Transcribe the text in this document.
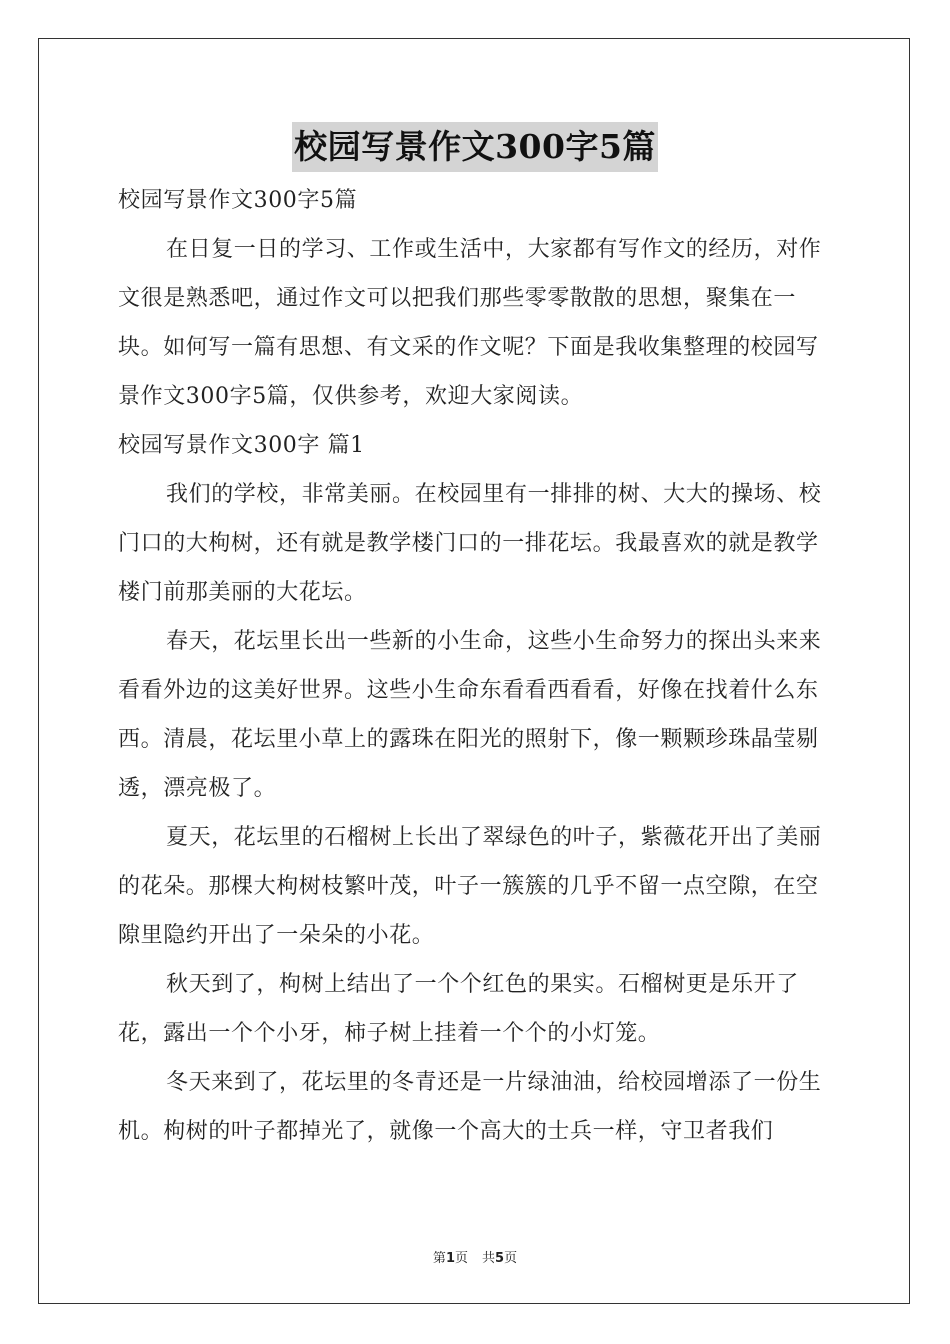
校园写景作文300字5篇

校园写景作文300字5篇

在日复一日的学习、工作或生活中，大家都有写作文的经历，对作文很是熟悉吧，通过作文可以把我们那些零零散散的思想，聚集在一块。如何写一篇有思想、有文采的作文呢？下面是我收集整理的校园写景作文300字5篇，仅供参考，欢迎大家阅读。

校园写景作文300字 篇1

我们的学校，非常美丽。在校园里有一排排的树、大大的操场、校门口的大枸树，还有就是教学楼门口的一排花坛。我最喜欢的就是教学楼门前那美丽的大花坛。

春天，花坛里长出一些新的小生命，这些小生命努力的探出头来来看看外边的这美好世界。这些小生命东看看西看看，好像在找着什么东西。清晨，花坛里小草上的露珠在阳光的照射下，像一颗颗珍珠晶莹剔透，漂亮极了。

夏天，花坛里的石榴树上长出了翠绿色的叶子，紫薇花开出了美丽的花朵。那棵大枸树枝繁叶茂，叶子一簇簇的几乎不留一点空隙，在空隙里隐约开出了一朵朵的小花。

秋天到了，枸树上结出了一个个红色的果实。石榴树更是乐开了花，露出一个个小牙，柿子树上挂着一个个的小灯笼。

冬天来到了，花坛里的冬青还是一片绿油油，给校园增添了一份生机。枸树的叶子都掉光了，就像一个高大的士兵一样，守卫者我们

第1页 共5页
